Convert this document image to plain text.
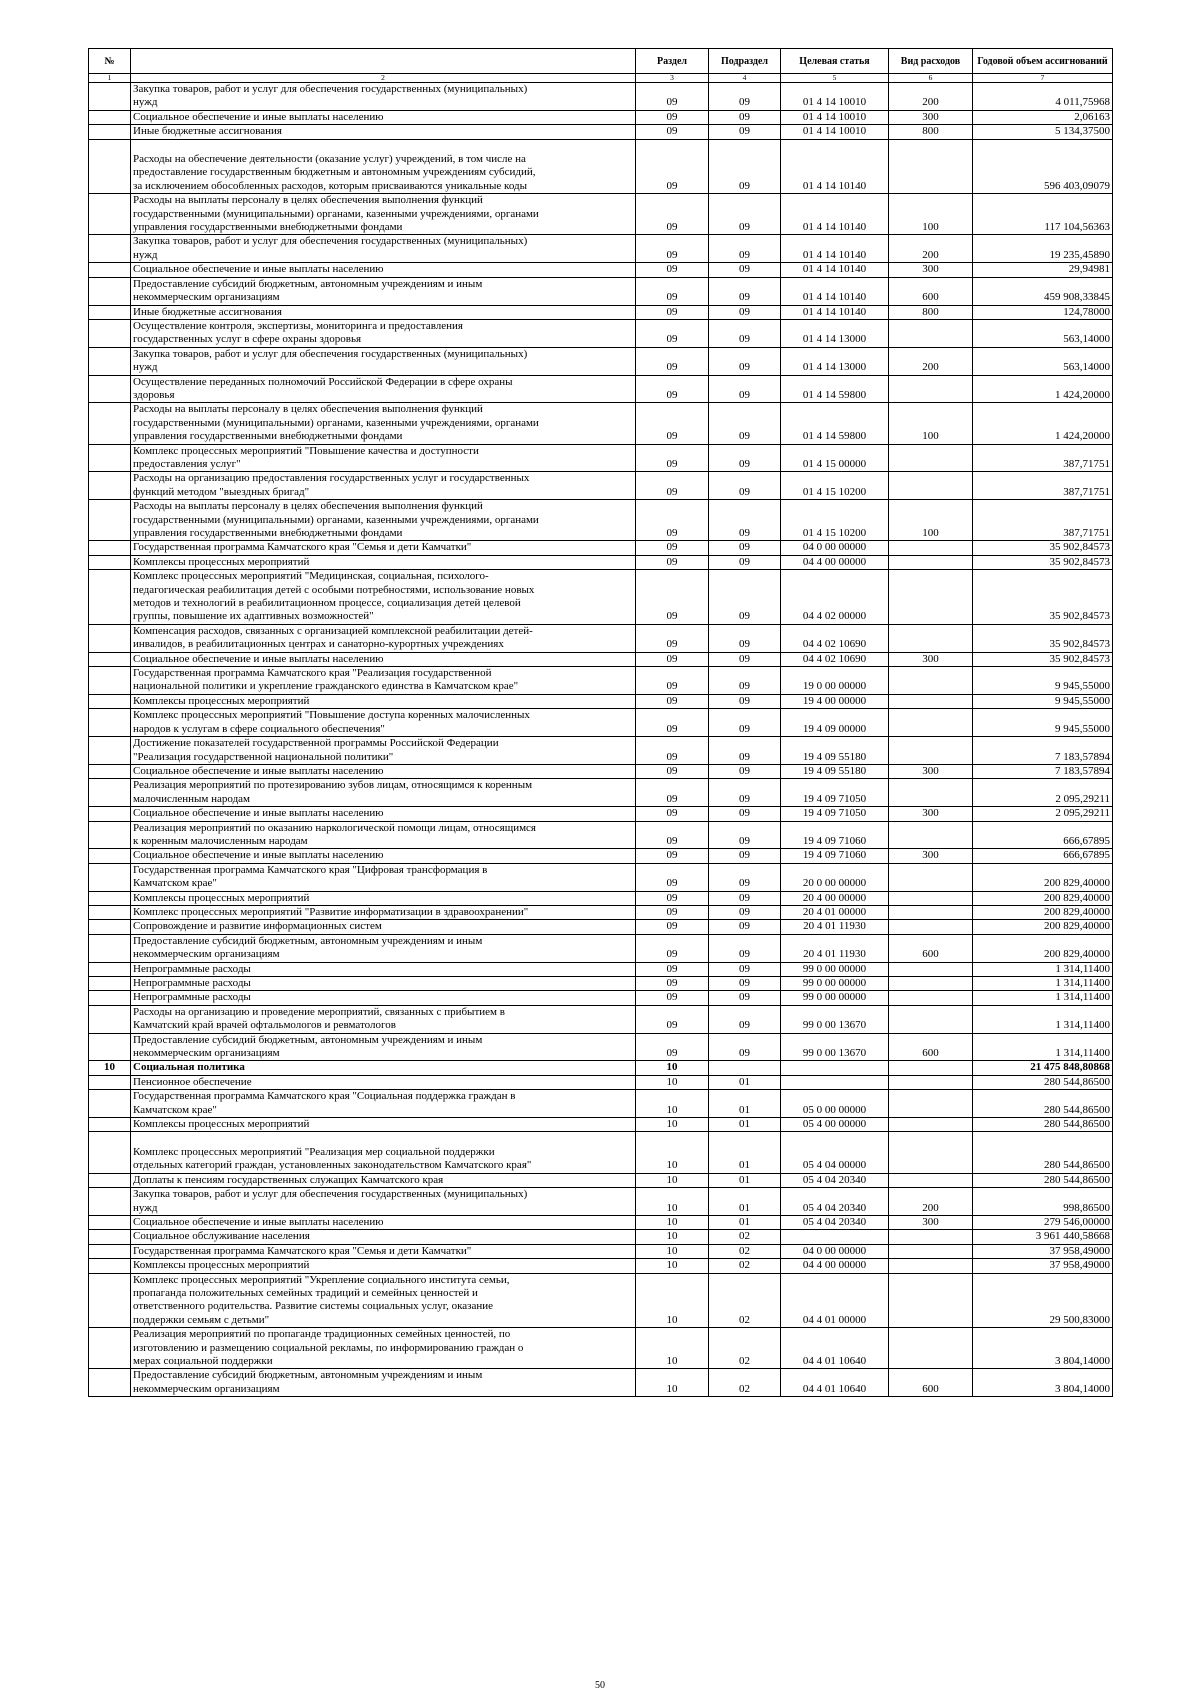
№		Раздел	Подраздел	Целевая статья	Вид расходов	Годовой объем ассигнований
1	2	3	4	5	6	7
	Закупка товаров, работ и услуг для обеспечения государственных (муниципальных)
нужд	09	09	01 4 14 10010	200	4 011,75968
	Социальное обеспечение и иные выплаты населению	09	09	01 4 14 10010	300	2,06163
	Иные бюджетные ассигнования	09	09	01 4 14 10010	800	5 134,37500

Расходы на обеспечение деятельности (оказание услуг) учреждений, в том числе на
предоставление государственным бюджетным и автономным учреждениям субсидий,
за исключением обособленных расходов, которым присваиваются уникальные коды	09	09	01 4 14 10140		596 403,09079
	Расходы на выплаты персоналу в целях обеспечения выполнения функций
государственными (муниципальными) органами, казенными учреждениями, органами
управления государственными внебюджетными фондами	09	09	01 4 14 10140	100	117 104,56363
	Закупка товаров, работ и услуг для обеспечения государственных (муниципальных)
нужд	09	09	01 4 14 10140	200	19 235,45890
	Социальное обеспечение и иные выплаты населению	09	09	01 4 14 10140	300	29,94981
	Предоставление субсидий бюджетным, автономным учреждениям и иным
некоммерческим организациям	09	09	01 4 14 10140	600	459 908,33845
	Иные бюджетные ассигнования	09	09	01 4 14 10140	800	124,78000
	Осуществление контроля, экспертизы, мониторинга и предоставления
государственных услуг в сфере охраны здоровья	09	09	01 4 14 13000		563,14000
	Закупка товаров, работ и услуг для обеспечения государственных (муниципальных)
нужд	09	09	01 4 14 13000	200	563,14000
	Осуществление переданных полномочий Российской Федерации в сфере охраны
здоровья	09	09	01 4 14 59800		1 424,20000
	Расходы на выплаты персоналу в целях обеспечения выполнения функций
государственными (муниципальными) органами, казенными учреждениями, органами
управления государственными внебюджетными фондами	09	09	01 4 14 59800	100	1 424,20000
	Комплекс процессных мероприятий "Повышение качества и доступности
предоставления услуг"	09	09	01 4 15 00000		387,71751
	Расходы на организацию предоставления государственных услуг и государственных
функций методом "выездных бригад"	09	09	01 4 15 10200		387,71751
	Расходы на выплаты персоналу в целях обеспечения выполнения функций
государственными (муниципальными) органами, казенными учреждениями, органами
управления государственными внебюджетными фондами	09	09	01 4 15 10200	100	387,71751
	Государственная программа Камчатского края "Семья и дети Камчатки"	09	09	04 0 00 00000		35 902,84573
	Комплексы процессных мероприятий	09	09	04 4 00 00000		35 902,84573
	Комплекс процессных мероприятий "Медицинская, социальная, психолого-
педагогическая реабилитация детей с особыми потребностями, использование новых
методов и технологий в реабилитационном процессе, социализация детей целевой
группы, повышение их адаптивных возможностей"	09	09	04 4 02 00000		35 902,84573
	Компенсация расходов, связанных с организацией комплексной реабилитации детей-
инвалидов, в реабилитационных центрах и санаторно-курортных учреждениях	09	09	04 4 02 10690		35 902,84573
	Социальное обеспечение и иные выплаты населению	09	09	04 4 02 10690	300	35 902,84573
	Государственная программа Камчатского края "Реализация государственной
национальной политики и укрепление гражданского единства в Камчатском крае"	09	09	19 0 00 00000		9 945,55000
	Комплексы процессных мероприятий	09	09	19 4 00 00000		9 945,55000
	Комплекс процессных мероприятий "Повышение доступа коренных малочисленных
народов к услугам в сфере социального обеспечения"	09	09	19 4 09 00000		9 945,55000
	Достижение показателей государственной программы Российской Федерации
"Реализация государственной национальной политики"	09	09	19 4 09 55180		7 183,57894
	Социальное обеспечение и иные выплаты населению	09	09	19 4 09 55180	300	7 183,57894
	Реализация мероприятий по протезированию зубов лицам, относящимся к коренным
малочисленным народам	09	09	19 4 09 71050		2 095,29211
	Социальное обеспечение и иные выплаты населению	09	09	19 4 09 71050	300	2 095,29211
	Реализация мероприятий по оказанию наркологической помощи лицам, относящимся
к коренным малочисленным народам	09	09	19 4 09 71060		666,67895
	Социальное обеспечение и иные выплаты населению	09	09	19 4 09 71060	300	666,67895
	Государственная программа Камчатского края "Цифровая трансформация в
Камчатском крае"	09	09	20 0 00 00000		200 829,40000
	Комплексы процессных мероприятий	09	09	20 4 00 00000		200 829,40000
	Комплекс процессных мероприятий "Развитие информатизации в здравоохранении"	09	09	20 4 01 00000		200 829,40000
	Сопровождение и развитие информационных систем	09	09	20 4 01 11930		200 829,40000
	Предоставление субсидий бюджетным, автономным учреждениям и иным
некоммерческим организациям	09	09	20 4 01 11930	600	200 829,40000
	Непрограммные расходы	09	09	99 0 00 00000		1 314,11400
	Непрограммные расходы	09	09	99 0 00 00000		1 314,11400
	Непрограммные расходы	09	09	99 0 00 00000		1 314,11400
	Расходы на организацию и проведение мероприятий, связанных с прибытием в
Камчатский край врачей офтальмологов и ревматологов	09	09	99 0 00 13670		1 314,11400
	Предоставление субсидий бюджетным, автономным учреждениям и иным
некоммерческим организациям	09	09	99 0 00 13670	600	1 314,11400
10	Социальная политика	10				21 475 848,80868
	Пенсионное обеспечение	10	01			280 544,86500
	Государственная программа Камчатского края "Социальная поддержка граждан в
Камчатском крае"	10	01	05 0 00 00000		280 544,86500
	Комплексы процессных мероприятий	10	01	05 4 00 00000		280 544,86500

Комплекс процессных мероприятий "Реализация мер социальной поддержки
отдельных категорий граждан, установленных законодательством Камчатского края"	10	01	05 4 04 00000		280 544,86500
	Доплаты к пенсиям государственных служащих Камчатского края	10	01	05 4 04 20340		280 544,86500
	Закупка товаров, работ и услуг для обеспечения государственных (муниципальных)
нужд	10	01	05 4 04 20340	200	998,86500
	Социальное обеспечение и иные выплаты населению	10	01	05 4 04 20340	300	279 546,00000
	Социальное обслуживание населения	10	02			3 961 440,58668
	Государственная программа Камчатского края "Семья и дети Камчатки"	10	02	04 0 00 00000		37 958,49000
	Комплексы процессных мероприятий	10	02	04 4 00 00000		37 958,49000
	Комплекс процессных мероприятий "Укрепление социального института семьи,
пропаганда положительных семейных традиций и семейных ценностей и
ответственного родительства. Развитие системы социальных услуг, оказание
поддержки семьям с детьми"	10	02	04 4 01 00000		29 500,83000
	Реализация мероприятий по пропаганде традиционных семейных ценностей, по
изготовлению и размещению социальной рекламы, по информированию граждан о
мерах социальной поддержки	10	02	04 4 01 10640		3 804,14000
	Предоставление субсидий бюджетным, автономным учреждениям и иным
некоммерческим организациям	10	02	04 4 01 10640	600	3 804,14000
50
